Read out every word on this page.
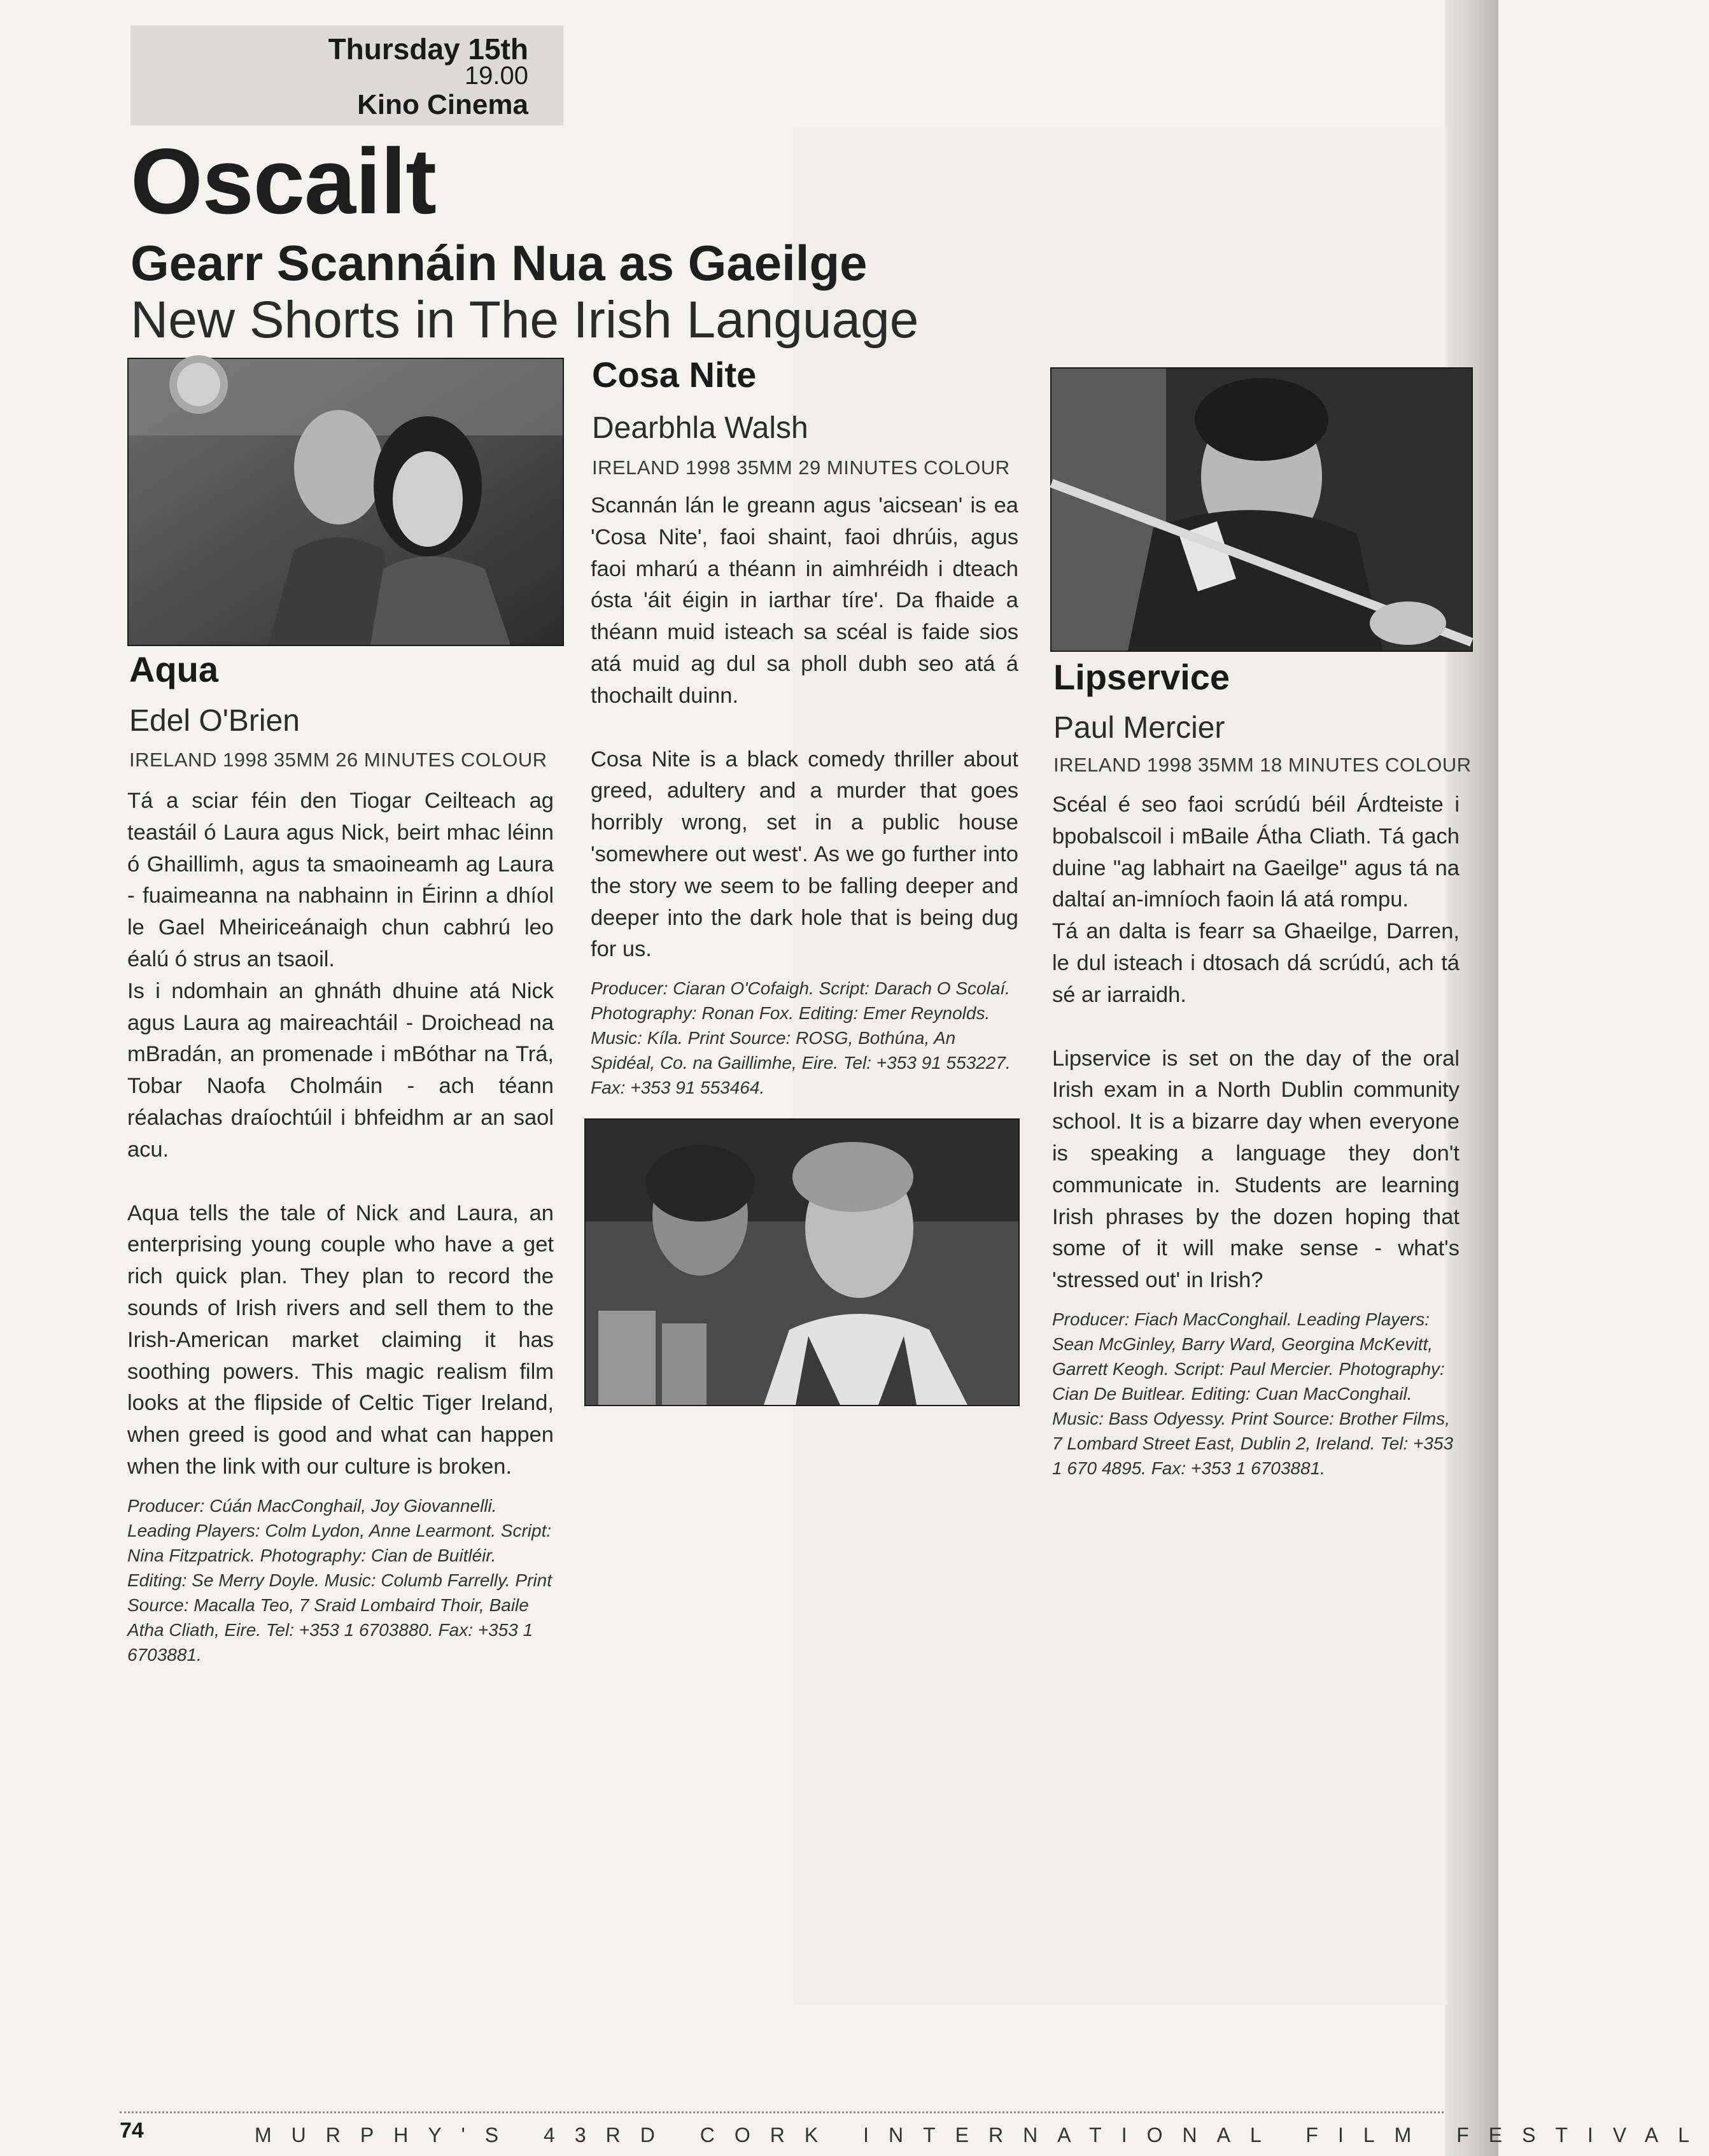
Thursday 15th
19.00
Kino Cinema
Oscailt
Gearr Scannáin Nua as Gaeilge
New Shorts in The Irish Language
Aqua
Edel O'Brien
IRELAND 1998 35MM 26 MINUTES COLOUR

Tá a sciar féin den Tiogar Ceilteach ag teastáil ó Laura agus Nick, beirt mhac léinn ó Ghaillimh, agus ta smaoineamh ag Laura - fuaimeanna na nabhainn in Éirinn a dhíol le Gael Mheiriceánaigh chun cabhrú leo éalú ó strus an tsaoil.

Is i ndomhain an ghnáth dhuine atá Nick agus Laura ag maireachtáil - Droichead na mBradán, an promenade i mBóthar na Trá, Tobar Naofa Cholmáin - ach téann réalachas draíochtúil i bhfeidhm ar an saol acu.

Aqua tells the tale of Nick and Laura, an enterprising young couple who have a get rich quick plan. They plan to record the sounds of Irish rivers and sell them to the Irish-American market claiming it has soothing powers. This magic realism film looks at the flipside of Celtic Tiger Ireland, when greed is good and what can happen when the link with our culture is broken.

Producer: Cúán MacConghail, Joy Giovannelli. Leading Players: Colm Lydon, Anne Learmont. Script: Nina Fitzpatrick. Photography: Cian de Buitléir. Editing: Se Merry Doyle. Music: Columb Farrelly. Print Source: Macalla Teo, 7 Sraid Lombaird Thoir, Baile Atha Cliath, Eire. Tel: +353 1 6703880. Fax: +353 1 6703881.

Cosa Nite
Dearbhla Walsh
IRELAND 1998 35MM 29 MINUTES COLOUR

Scannán lán le greann agus 'aicsean' is ea 'Cosa Nite', faoi shaint, faoi dhrúis, agus faoi mharú a théann in aimhréidh i dteach ósta 'áit éigin in iarthar tíre'. Da fhaide a théann muid isteach sa scéal is faide sios atá muid ag dul sa pholl dubh seo atá á thochailt duinn.

Cosa Nite is a black comedy thriller about greed, adultery and a murder that goes horribly wrong, set in a public house 'somewhere out west'. As we go further into the story we seem to be falling deeper and deeper into the dark hole that is being dug for us.

Producer: Ciaran O'Cofaigh. Script: Darach O Scolaí. Photography: Ronan Fox. Editing: Emer Reynolds. Music: Kíla. Print Source: ROSG, Bothúna, An Spidéal, Co. na Gaillimhe, Eire. Tel: +353 91 553227. Fax: +353 91 553464.

Lipservice
Paul Mercier
IRELAND 1998 35MM 18 MINUTES COLOUR

Scéal é seo faoi scrúdú béil Árdteiste i bpobalscoil i mBaile Átha Cliath. Tá gach duine "ag labhairt na Gaeilge" agus tá na daltaí an-imníoch faoin lá atá rompu.

Tá an dalta is fearr sa Ghaeilge, Darren, le dul isteach i dtosach dá scrúdú, ach tá sé ar iarraidh.

Lipservice is set on the day of the oral Irish exam in a North Dublin community school. It is a bizarre day when everyone is speaking a language they don't communicate in. Students are learning Irish phrases by the dozen hoping that some of it will make sense - what's 'stressed out' in Irish?

Producer: Fiach MacConghail. Leading Players: Sean McGinley, Barry Ward, Georgina McKevitt, Garrett Keogh. Script: Paul Mercier. Photography: Cian De Buitlear. Editing: Cuan MacConghail. Music: Bass Odyessy. Print Source: Brother Films, 7 Lombard Street East, Dublin 2, Ireland. Tel: +353 1 670 4895. Fax: +353 1 6703881.

74	MURPHY'S 43RD CORK INTERNATIONAL FILM FESTIVAL
